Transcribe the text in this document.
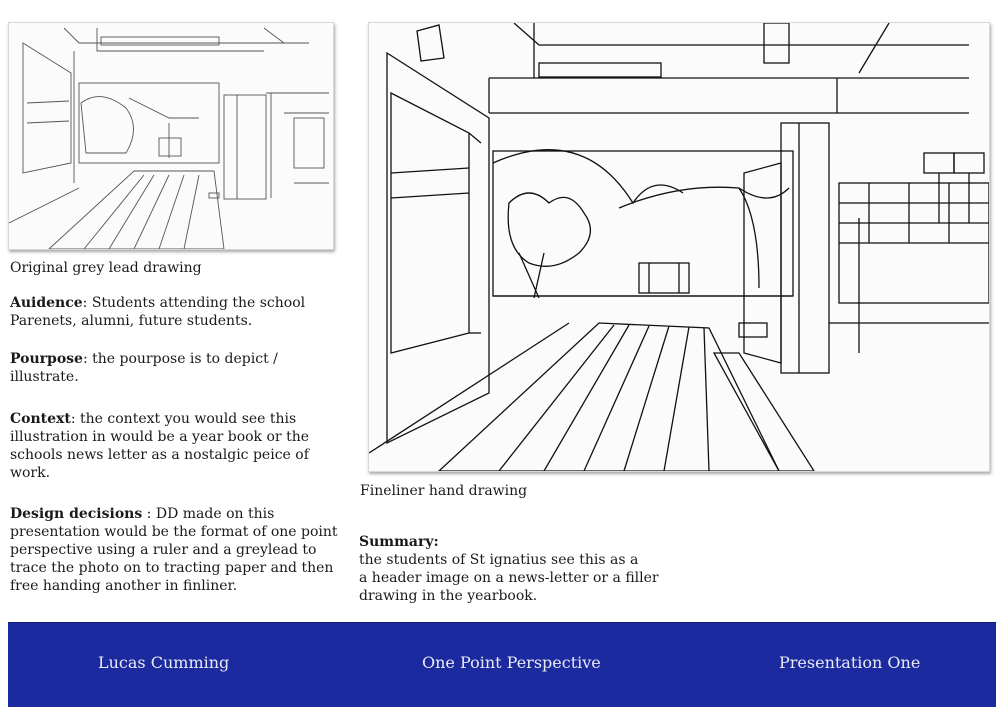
Original grey lead drawing
Fineliner hand drawing
Auidence: Students attending the school
Parenets, alumni, future students.
Pourpose: the pourpose is to depict /
illustrate.
Context: the context you would see this
illustration in would be a year book or the
schools news letter as a nostalgic peice of
work.
Design decisions : DD made on this
presentation would be the format of one point
perspective using a ruler and a greylead to
trace the photo on to tracting paper and then
free handing another in finliner.
Summary:
the students of St ignatius see this as a
a header image on a news-letter or a filler
drawing in the yearbook.
Lucas Cumming	One Point Perspective	Presentation One
